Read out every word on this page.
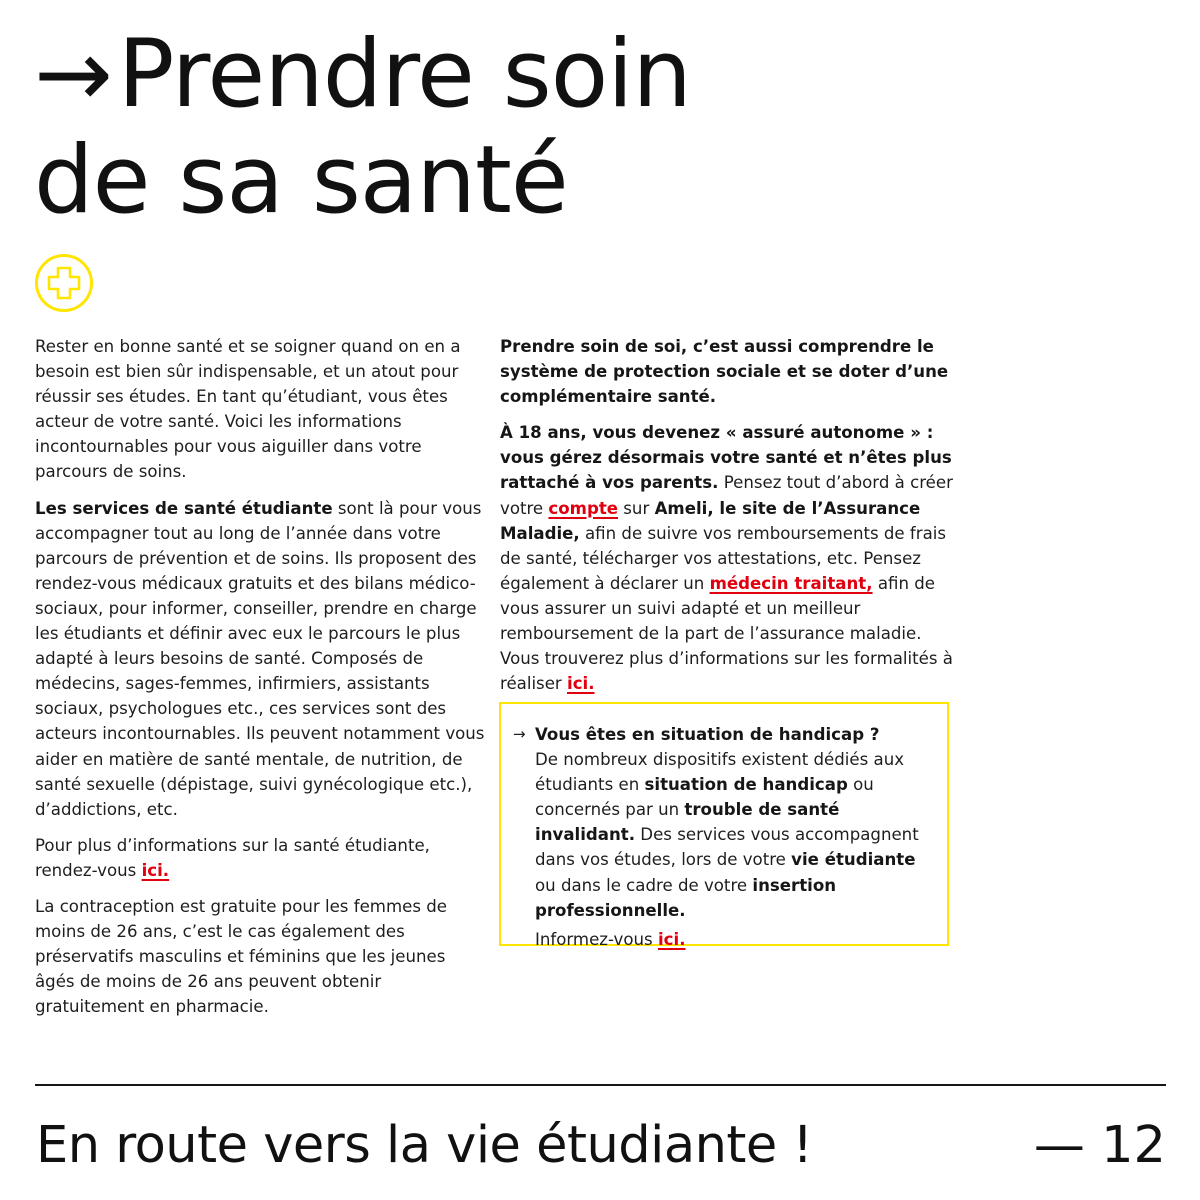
→Prendre soin
de sa santé

Rester en bonne santé et se soigner quand on en a besoin est bien sûr indispensable, et un atout pour réussir ses études. En tant qu’étudiant, vous êtes acteur de votre santé. Voici les informations incontournables pour vous aiguiller dans votre parcours de soins.

Les services de santé étudiante sont là pour vous accompagner tout au long de l’année dans votre parcours de prévention et de soins. Ils proposent des rendez-vous médicaux gratuits et des bilans médico-sociaux, pour informer, conseiller, prendre en charge les étudiants et définir avec eux le parcours le plus adapté à leurs besoins de santé. Composés de médecins, sages-femmes, infirmiers, assistants sociaux, psychologues etc., ces services sont des acteurs incontournables. Ils peuvent notamment vous aider en matière de santé mentale, de nutrition, de santé sexuelle (dépistage, suivi gynécologique etc.), d’addictions, etc.

Pour plus d’informations sur la santé étudiante, rendez-vous ici.

La contraception est gratuite pour les femmes de moins de 26 ans, c’est le cas également des préservatifs masculins et féminins que les jeunes âgés de moins de 26 ans peuvent obtenir gratuitement en pharmacie.

Prendre soin de soi, c’est aussi comprendre le système de protection sociale et se doter d’une complémentaire santé.

À 18 ans, vous devenez « assuré autonome » : vous gérez désormais votre santé et n’êtes plus rattaché à vos parents. Pensez tout d’abord à créer votre compte sur Ameli, le site de l’Assurance Maladie, afin de suivre vos remboursements de frais de santé, télécharger vos attestations, etc. Pensez également à déclarer un médecin traitant, afin de vous assurer un suivi adapté et un meilleur remboursement de la part de l’assurance maladie. Vous trouverez plus d’informations sur les formalités à réaliser ici.

→ Vous êtes en situation de handicap ?
De nombreux dispositifs existent dédiés aux étudiants en situation de handicap ou concernés par un trouble de santé invalidant. Des services vous accompagnent dans vos études, lors de votre vie étudiante ou dans le cadre de votre insertion professionnelle.

Informez-vous ici.

En route vers la vie étudiante !	— 12
